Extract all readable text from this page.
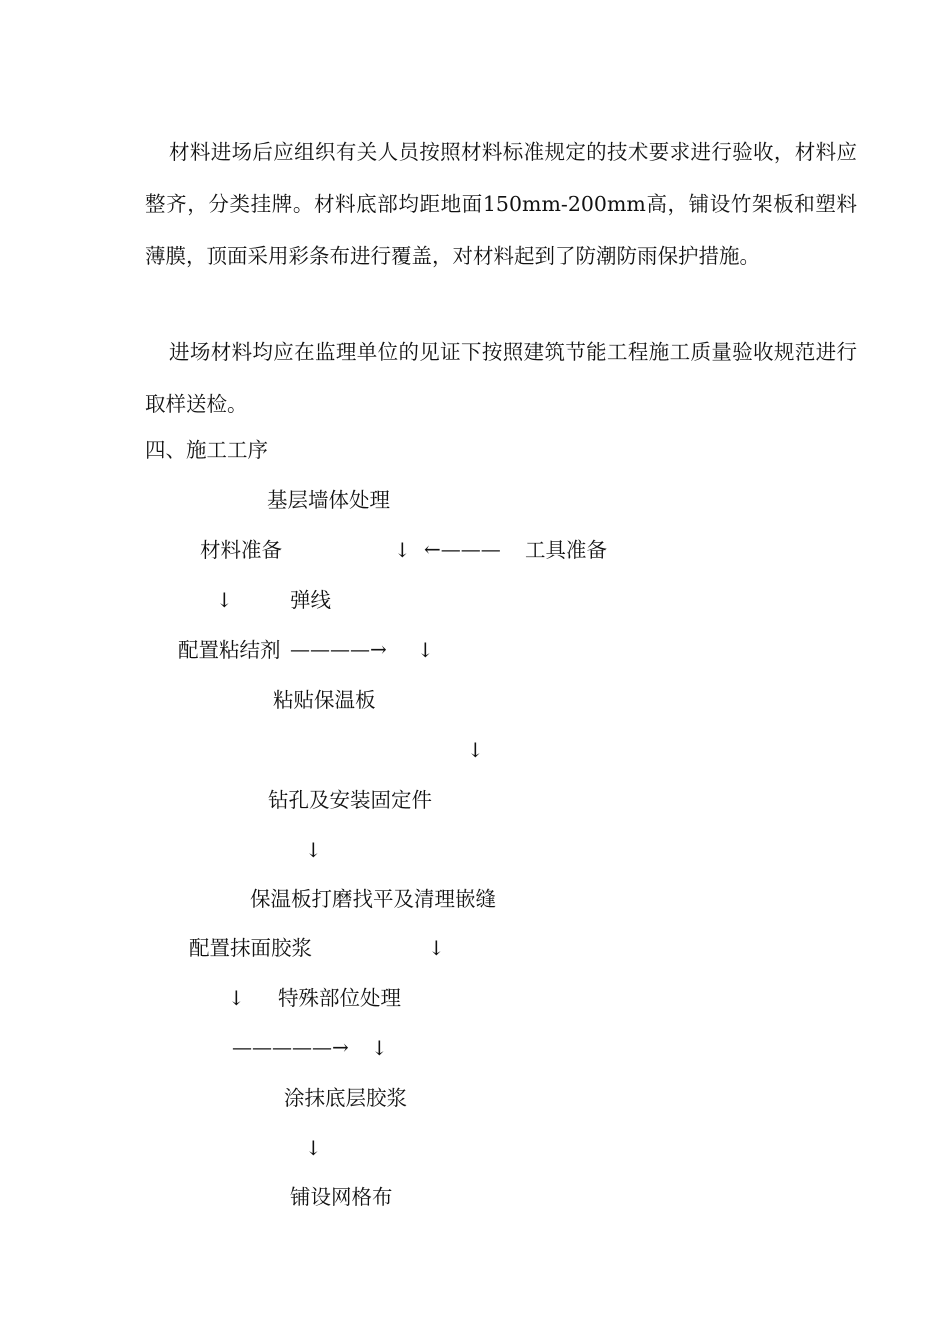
材料进场后应组织有关人员按照材料标准规定的技术要求进行验收，材料应整齐，分类挂牌。材料底部均距地面150mm-200mm高，铺设竹架板和塑料薄膜，顶面采用彩条布进行覆盖，对材料起到了防潮防雨保护措施。

进场材料均应在监理单位的见证下按照建筑节能工程施工质量验收规范进行取样送检。

四、施工工序

基层墙体处理
材料准备	↓ ←——— 工具准备
↓	弹线
配置粘结剂 ————→ ↓
粘贴保温板
↓
钻孔及安装固定件
↓
保温板打磨找平及清理嵌缝
配置抹面胶浆	↓
↓ 特殊部位处理
—————→ ↓
涂抹底层胶浆
↓
铺设网格布
